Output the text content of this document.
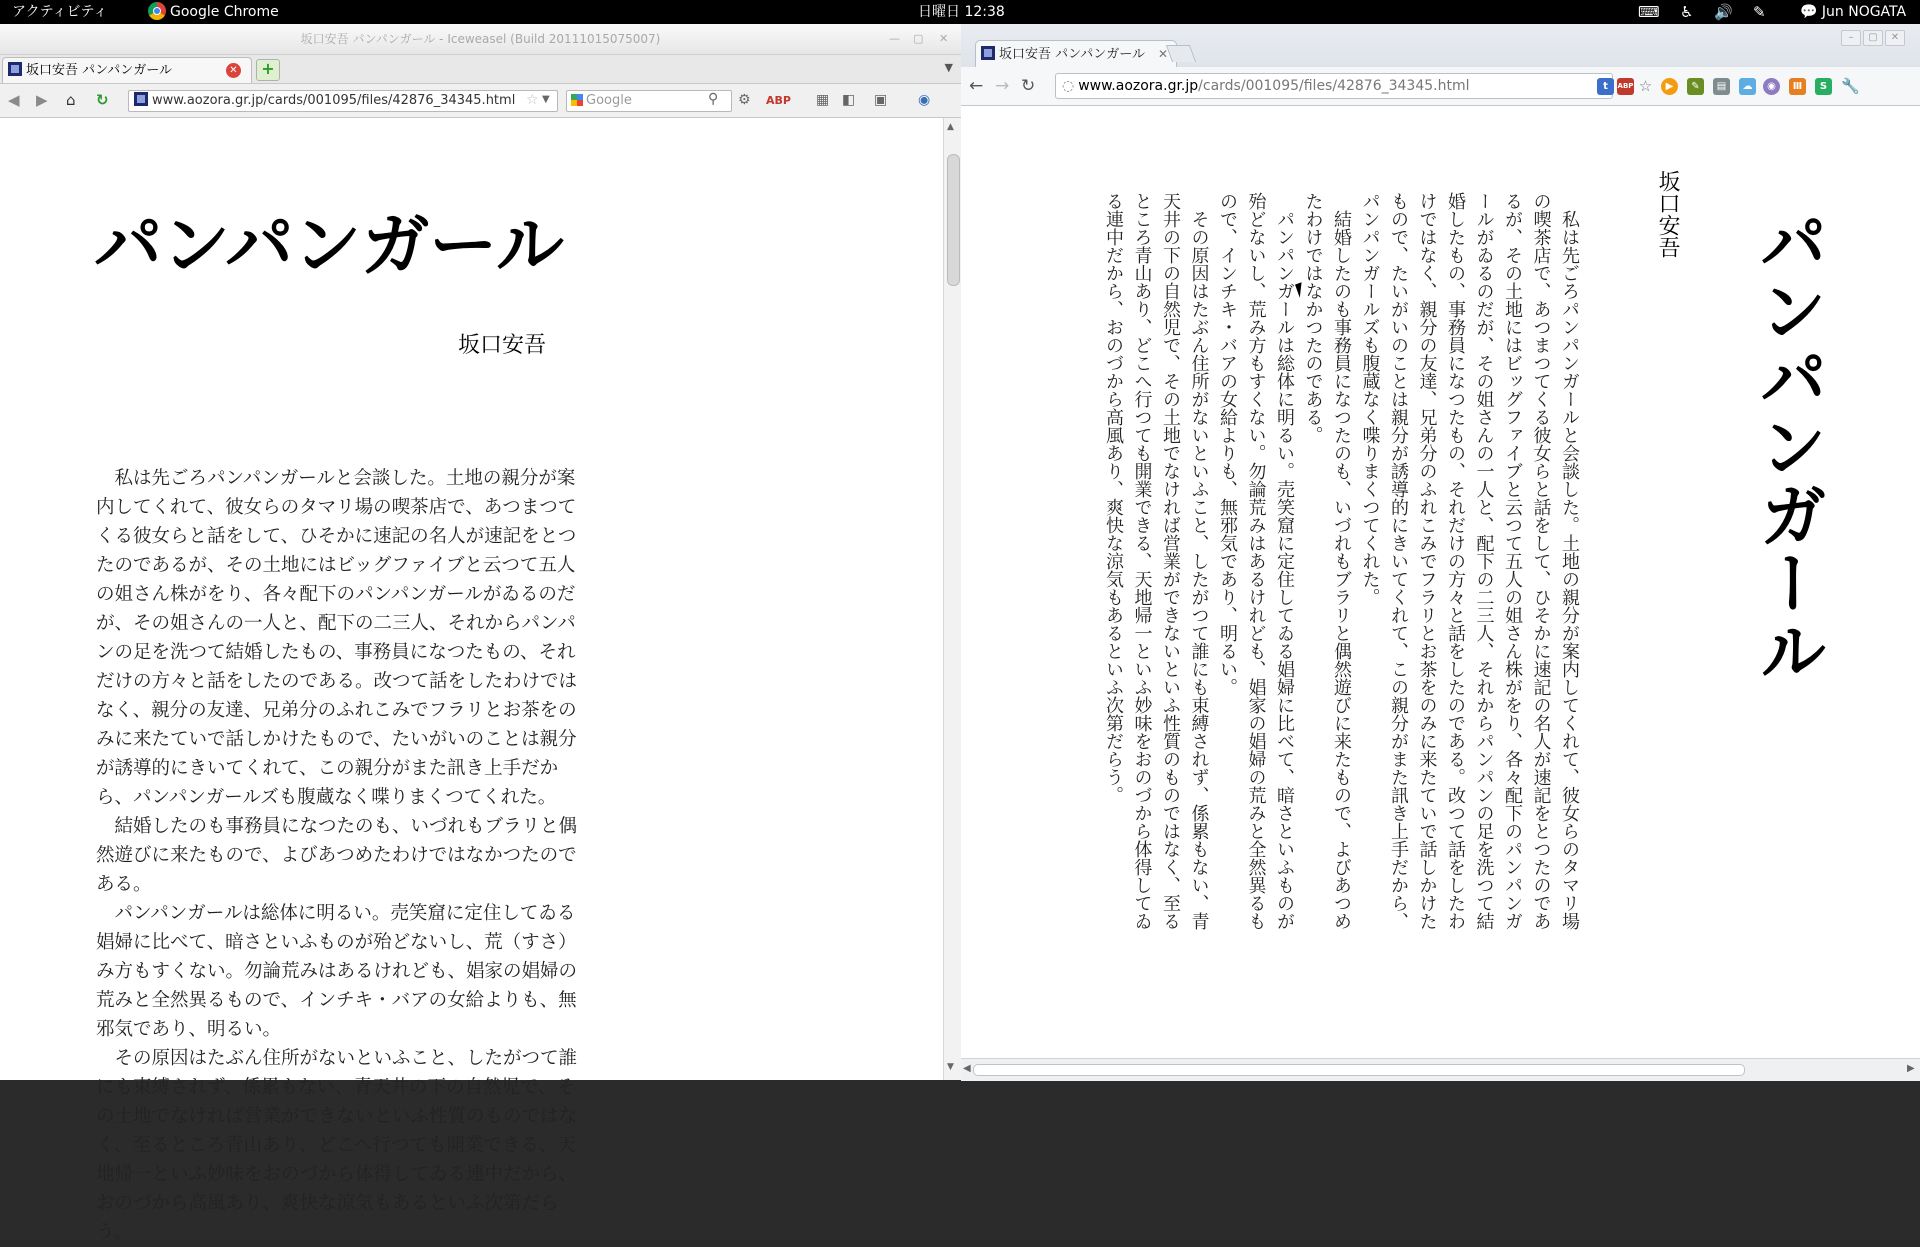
アクティビティ	Google Chrome	日曜日 12:38	⌨ ♿ 🔊 ✎ 💬 Jun NOGATA
坂口安吾 パンパンガール - Iceweasel (Build 20111015075007)	— ▢ ✕
坂口安吾 パンパンガール	✕	+	▼
◀ ▶ ⌂ ↻	www.aozora.gr.jp/cards/001095/files/42876_34345.html ☆ ▼	Google	⚲ ⚙ ABP ▦ ◧ ▣ ◉
パンパンガール
坂口安吾

私は先ごろパンパンガールと会談した。土地の親分が案内してくれて、彼女らのタマリ場の喫茶店で、あつまつてくる彼女らと話をして、ひそかに速記の名人が速記をとつたのであるが、その土地にはビッグファイブと云つて五人の姐さん株がをり、各々配下のパンパンガールがゐるのだが、その姐さんの一人と、配下の二三人、それからパンパンの足を洗つて結婚したもの、事務員になつたもの、それだけの方々と話をしたのである。改つて話をしたわけではなく、親分の友達、兄弟分のふれこみでフラリとお茶をのみに来たていで話しかけたもので、たいがいのことは親分が誘導的にきいてくれて、この親分がまた訊き上手だから、パンパンガールズも腹蔵なく喋りまくつてくれた。

結婚したのも事務員になつたのも、いづれもブラリと偶然遊びに来たもので、よびあつめたわけではなかつたのである。

パンパンガールは総体に明るい。売笑窟に定住してゐる娼婦に比べて、暗さといふものが殆どないし、荒（すさ）み方もすくない。勿論荒みはあるけれども、娼家の娼婦の荒みと全然異るもので、インチキ・バアの女給よりも、無邪気であり、明るい。

その原因はたぶん住所がないといふこと、したがつて誰にも束縛されず、係累もない、青天井の下の自然児で、その土地でなければ営業ができないといふ性質のものではなく、至るところ青山あり、どこへ行つても開業できる、天地帰一といふ妙味をおのづから体得してゐる連中だから、おのづから高風あり、爽快な涼気もあるといふ次第だらう。

▲
▼
坂口安吾 パンパンガール ✕
–	▢	✕
← → ↻	◌ www.aozora.gr.jp/cards/001095/files/42876_34345.html	t	ABP ☆	▶	✎	▤	☁	◉	Ⅲ	S 🔧
パンパンガール
坂口安吾

私は先ごろパンパンガールと会談した。土地の親分が案内してくれて、彼女らのタマリ場の喫茶店で、あつまつてくる彼女らと話をして、ひそかに速記の名人が速記をとつたのであるが、その土地にはビッグファイブと云つて五人の姐さん株がをり、各々配下のパンパンガールがゐるのだが、その姐さんの一人と、配下の二三人、それからパンパンの足を洗つて結婚したもの、事務員になつたもの、それだけの方々と話をしたのである。改つて話をしたわけではなく、親分の友達、兄弟分のふれこみでフラリとお茶をのみに来たていで話しかけたもので、たいがいのことは親分が誘導的にきいてくれて、この親分がまた訊き上手だから、パンパンガールズも腹蔵なく喋りまくつてくれた。

結婚したのも事務員になつたのも、いづれもブラリと偶然遊びに来たもので、よびあつめたわけではなかつたのである。

パンパンガールは総体に明るい。売笑窟に定住してゐる娼婦に比べて、暗さといふものが殆どないし、荒み方もすくない。勿論荒みはあるけれども、娼家の娼婦の荒みと全然異るもので、インチキ・バアの女給よりも、無邪気であり、明るい。

その原因はたぶん住所がないといふこと、したがつて誰にも束縛されず、係累もない、青天井の下の自然児で、その土地でなければ営業ができないといふ性質のものではなく、至るところ青山あり、どこへ行つても開業できる、天地帰一といふ妙味をおのづから体得してゐる連中だから、おのづから高風あり、爽快な涼気もあるといふ次第だらう。

◀	▶
